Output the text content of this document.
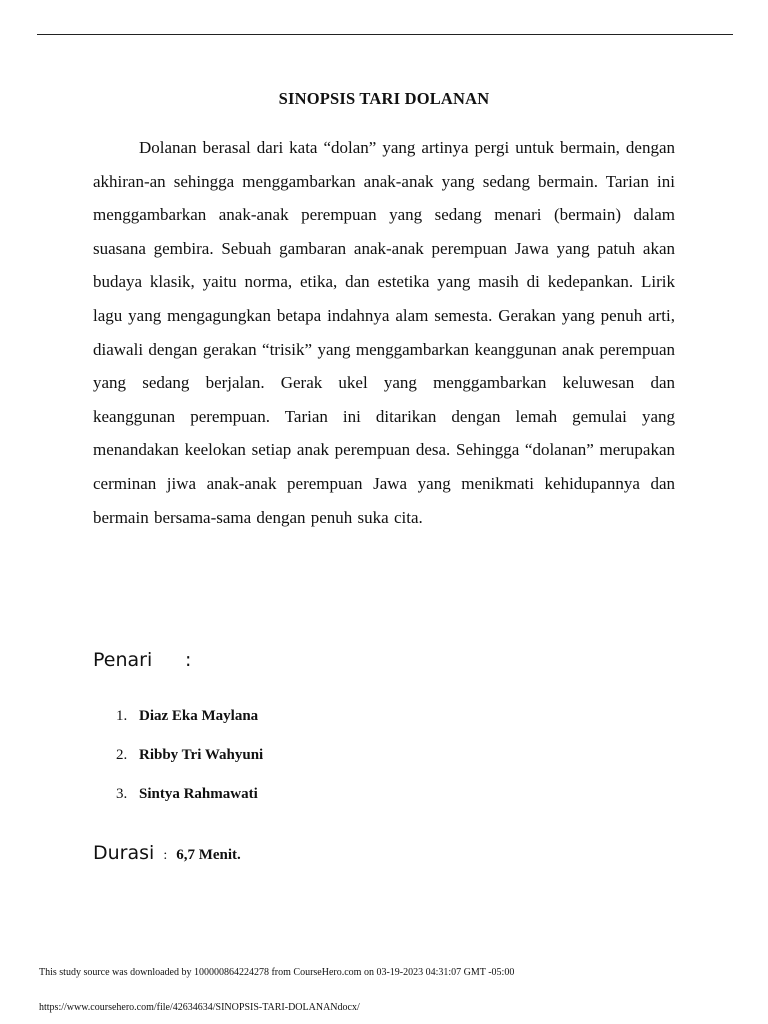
SINOPSIS TARI DOLANAN

Dolanan berasal dari kata “dolan” yang artinya pergi untuk bermain, dengan akhiran-an sehingga menggambarkan anak-anak yang sedang bermain. Tarian ini menggambarkan anak-anak perempuan yang sedang menari (bermain) dalam suasana gembira. Sebuah gambaran anak-anak perempuan Jawa yang patuh akan budaya klasik, yaitu norma, etika, dan estetika yang masih di kedepankan. Lirik lagu yang mengagungkan betapa indahnya alam semesta. Gerakan yang penuh arti, diawali dengan gerakan “trisik” yang menggambarkan keanggunan anak perempuan yang sedang berjalan. Gerak ukel yang menggambarkan keluwesan dan keanggunan perempuan. Tarian ini ditarikan dengan lemah gemulai yang menandakan keelokan setiap anak perempuan desa. Sehingga “dolanan” merupakan cerminan jiwa anak-anak perempuan Jawa yang menikmati kehidupannya dan bermain bersama-sama dengan penuh suka cita.

Penari	:
1. Diaz Eka Maylana
2. Ribby Tri Wahyuni
3. Sintya Rahmawati
Durasi : 6,7 Menit.
This study source was downloaded by 100000864224278 from CourseHero.com on 03-19-2023 04:31:07 GMT -05:00
https://www.coursehero.com/file/42634634/SINOPSIS-TARI-DOLANANdocx/
